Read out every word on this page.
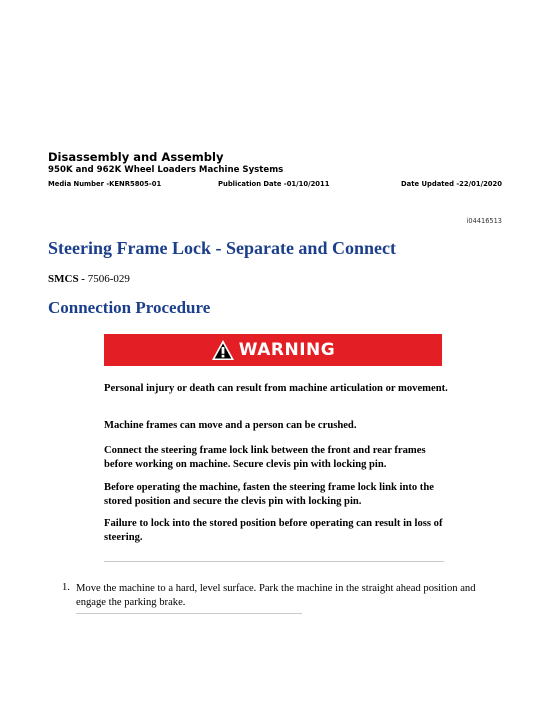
Disassembly and Assembly
950K and 962K Wheel Loaders Machine Systems
Media Number -KENR5805-01	Publication Date -01/10/2011	Date Updated -22/01/2020
i04416513
Steering Frame Lock - Separate and Connect
SMCS - 7506-029
Connection Procedure
WARNING

Personal injury or death can result from machine articulation or movement.

Machine frames can move and a person can be crushed.

Connect the steering frame lock link between the front and rear frames before working on machine. Secure clevis pin with locking pin.

Before operating the machine, fasten the steering frame lock link into the stored position and secure the clevis pin with locking pin.

Failure to lock into the stored position before operating can result in loss of steering.

1. Move the machine to a hard, level surface. Park the machine in the straight ahead position and engage the parking brake.
